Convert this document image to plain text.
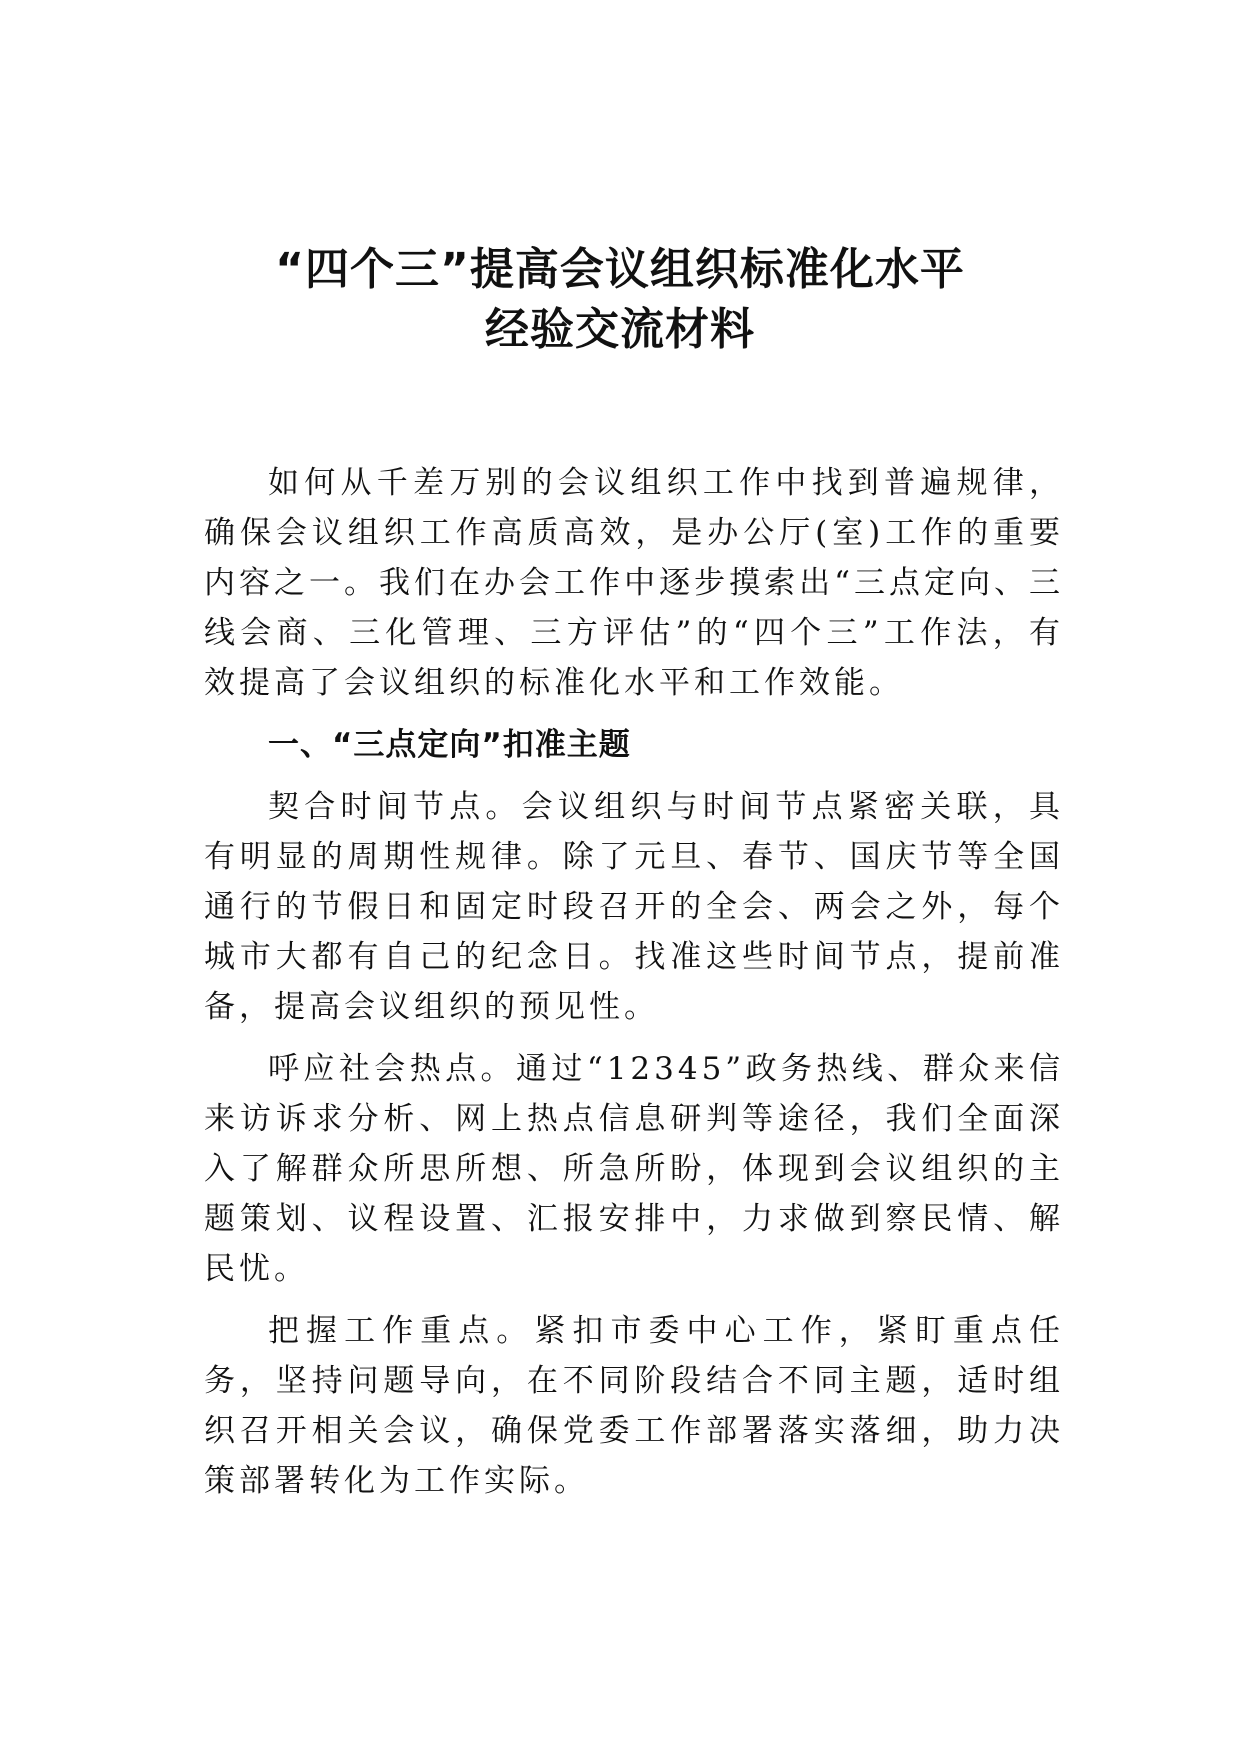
“四个三”提高会议组织标准化水平
经验交流材料

如何从千差万别的会议组织工作中找到普遍规律，确保会议组织工作高质高效，是办公厅(室)工作的重要内容之一。我们在办会工作中逐步摸索出“三点定向、三线会商、三化管理、三方评估”的“四个三”工作法，有效提高了会议组织的标准化水平和工作效能。

一、“三点定向”扣准主题

契合时间节点。会议组织与时间节点紧密关联，具有明显的周期性规律。除了元旦、春节、国庆节等全国通行的节假日和固定时段召开的全会、两会之外，每个城市大都有自己的纪念日。找准这些时间节点，提前准备，提高会议组织的预见性。

呼应社会热点。通过“12345”政务热线、群众来信来访诉求分析、网上热点信息研判等途径，我们全面深入了解群众所思所想、所急所盼，体现到会议组织的主题策划、议程设置、汇报安排中，力求做到察民情、解民忧。

把握工作重点。紧扣市委中心工作，紧盯重点任务，坚持问题导向，在不同阶段结合不同主题，适时组织召开相关会议，确保党委工作部署落实落细，助力决策部署转化为工作实际。
